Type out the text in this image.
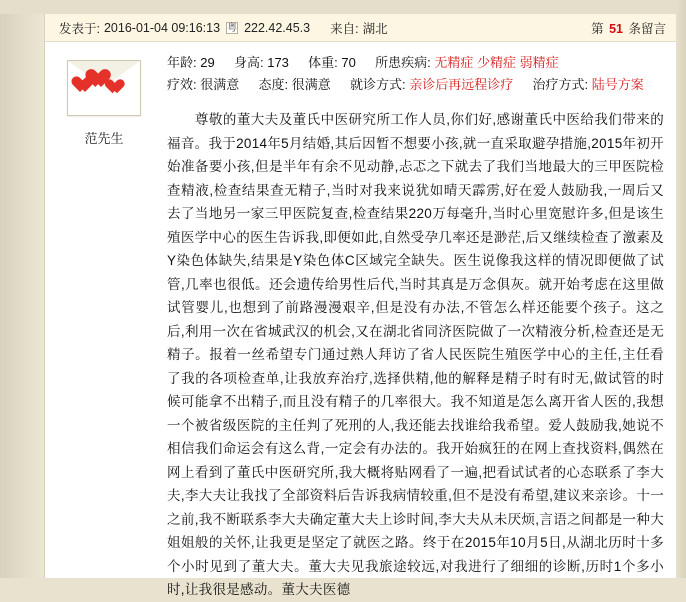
发表于: 2016-01-04 09:16:13 粤 222.42.45.3 来自: 湖北	第 51 条留言
范先生
年龄: 29 身高: 173 体重: 70 所患疾病: 无精症 少精症 弱精症
疗效: 很满意 态度: 很满意 就诊方式: 亲诊后再远程诊疗 治疗方式: 陆号方案
　　尊敬的董大夫及董氏中医研究所工作人员,你们好,感谢董氏中医给我们带来的福音。我于2014年5月结婚,其后因暂不想要小孩,就一直采取避孕措施,2015年初开始准备要小孩,但是半年有余不见动静,忐忑之下就去了我们当地最大的三甲医院检查精液,检查结果查无精子,当时对我来说犹如晴天霹雳,好在爱人鼓励我,一周后又去了当地另一家三甲医院复查,检查结果220万每毫升,当时心里宽慰许多,但是该生殖医学中心的医生告诉我,即便如此,自然受孕几率还是渺茫,后又继续检查了激素及Y染色体缺失,结果是Y染色体C区域完全缺失。医生说像我这样的情况即便做了试管,几率也很低。还会遗传给男性后代,当时其真是万念俱灰。就开始考虑在这里做试管婴儿,也想到了前路漫漫艰辛,但是没有办法,不管怎么样还能要个孩子。这之后,利用一次在省城武汉的机会,又在湖北省同济医院做了一次精液分析,检查还是无精子。报着一丝希望专门通过熟人拜访了省人民医院生殖医学中心的主任,主任看了我的各项检查单,让我放弃治疗,选择供精,他的解释是精子时有时无,做试管的时候可能拿不出精子,而且没有精子的几率很大。我不知道是怎么离开省人医的,我想一个被省级医院的主任判了死刑的人,我还能去找谁给我希望。爱人鼓励我,她说不相信我们命运会有这么背,一定会有办法的。我开始疯狂的在网上查找资料,偶然在网上看到了董氏中医研究所,我大概将贴网看了一遍,把看试试者的心态联系了李大夫,李大夫让我找了全部资料后告诉我病情较重,但不是没有希望,建议来亲诊。十一之前,我不断联系李大夫确定董大夫上诊时间,李大夫从未厌烦,言语之间都是一种大姐姐般的关怀,让我更是坚定了就医之路。终于在2015年10月5日,从湖北历时十多个小时见到了董大夫。董大夫见我旅途较远,对我进行了细细的诊断,历时1个多小时,让我很是感动。董大夫医德
